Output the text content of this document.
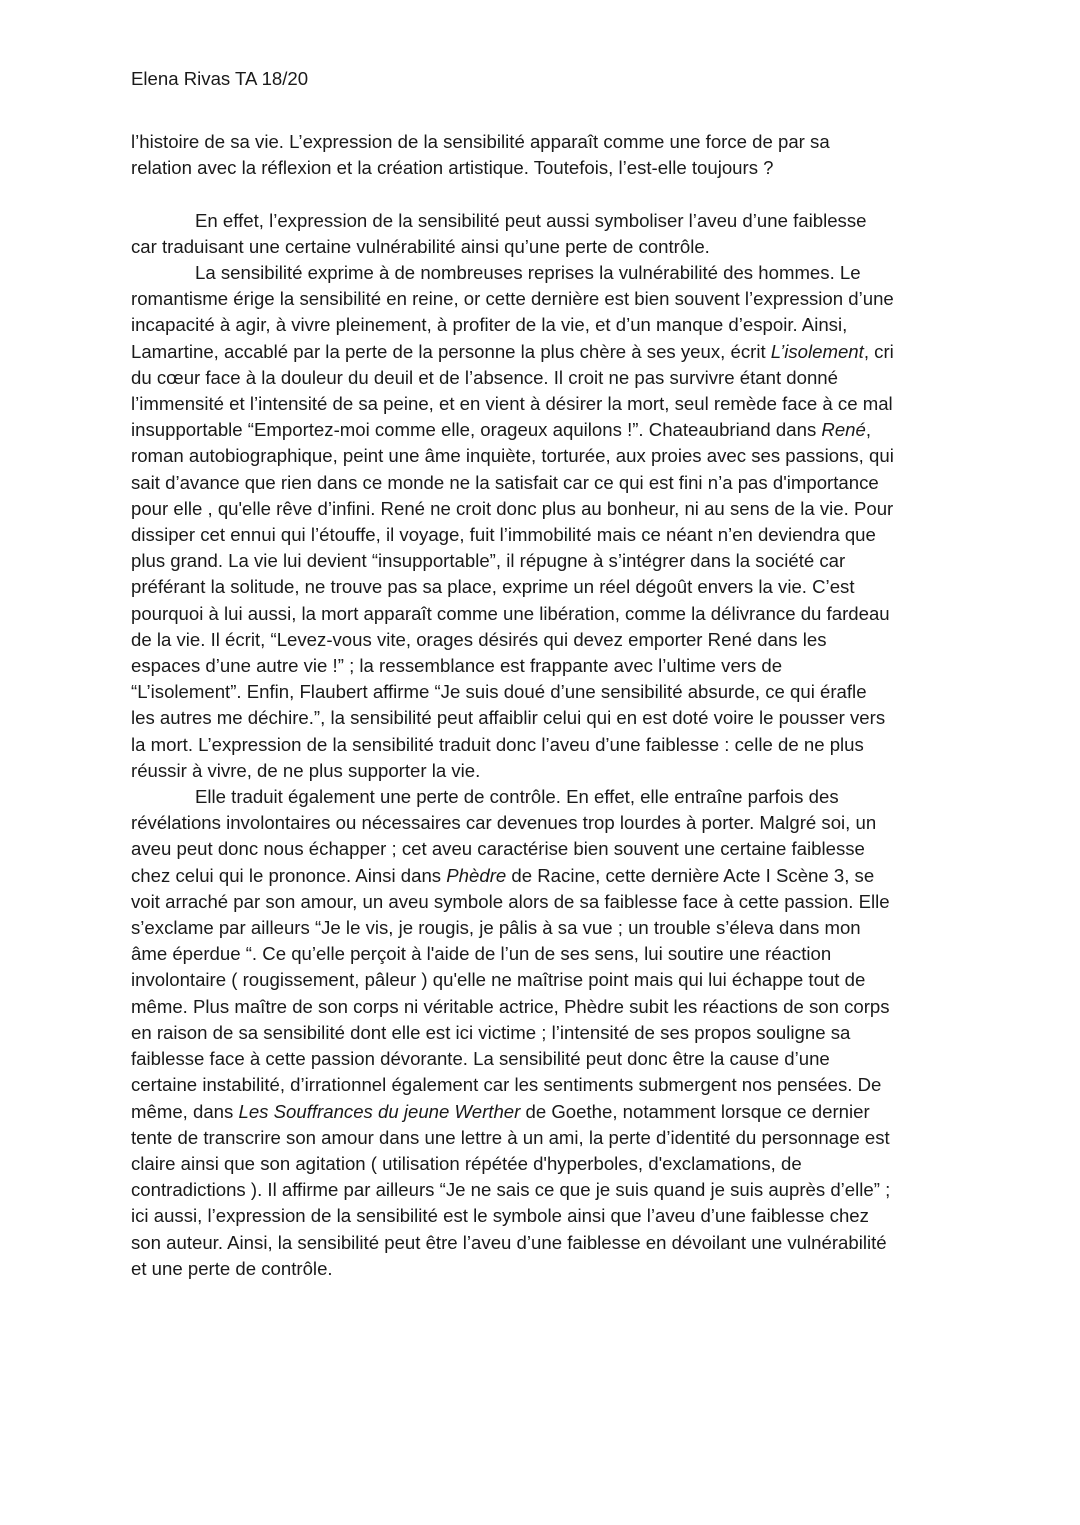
Elena Rivas TA 18/20
l’histoire de sa vie. L’expression de la sensibilité apparaît comme une force de par sa
relation avec la réflexion et la création artistique. Toutefois, l’est-elle toujours ?
En effet, l’expression de la sensibilité peut aussi symboliser l’aveu d’une faiblesse
car traduisant une certaine vulnérabilité ainsi qu’une perte de contrôle.
La sensibilité exprime à de nombreuses reprises la vulnérabilité des hommes. Le
romantisme érige la sensibilité en reine, or cette dernière est bien souvent l’expression d’une
incapacité à agir, à vivre pleinement, à profiter de la vie, et d’un manque d’espoir. Ainsi,
Lamartine, accablé par la perte de la personne la plus chère à ses yeux, écrit L’isolement, cri
du cœur face à la douleur du deuil et de l’absence. Il croit ne pas survivre étant donné
l’immensité et l’intensité de sa peine, et en vient à désirer la mort, seul remède face à ce mal
insupportable “Emportez-moi comme elle, orageux aquilons !”. Chateaubriand dans René,
roman autobiographique, peint une âme inquiète, torturée, aux proies avec ses passions, qui
sait d’avance que rien dans ce monde ne la satisfait car ce qui est fini n’a pas d'importance
pour elle , qu'elle rêve d’infini. René ne croit donc plus au bonheur, ni au sens de la vie. Pour
dissiper cet ennui qui l’étouffe, il voyage, fuit l’immobilité mais ce néant n’en deviendra que
plus grand. La vie lui devient “insupportable”, il répugne à s’intégrer dans la société car
préférant la solitude, ne trouve pas sa place, exprime un réel dégoût envers la vie. C’est
pourquoi à lui aussi, la mort apparaît comme une libération, comme la délivrance du fardeau
de la vie. Il écrit, “Levez-vous vite, orages désirés qui devez emporter René dans les
espaces d’une autre vie !” ; la ressemblance est frappante avec l’ultime vers de
“L’isolement”. Enfin, Flaubert affirme “Je suis doué d’une sensibilité absurde, ce qui érafle
les autres me déchire.”, la sensibilité peut affaiblir celui qui en est doté voire le pousser vers
la mort. L’expression de la sensibilité traduit donc l’aveu d’une faiblesse : celle de ne plus
réussir à vivre, de ne plus supporter la vie.
Elle traduit également une perte de contrôle. En effet, elle entraîne parfois des
révélations involontaires ou nécessaires car devenues trop lourdes à porter. Malgré soi, un
aveu peut donc nous échapper ; cet aveu caractérise bien souvent une certaine faiblesse
chez celui qui le prononce. Ainsi dans Phèdre de Racine, cette dernière Acte I Scène 3, se
voit arraché par son amour, un aveu symbole alors de sa faiblesse face à cette passion. Elle
s’exclame par ailleurs “Je le vis, je rougis, je pâlis à sa vue ; un trouble s’éleva dans mon
âme éperdue “. Ce qu’elle perçoit à l'aide de l’un de ses sens, lui soutire une réaction
involontaire ( rougissement, pâleur ) qu'elle ne maîtrise point mais qui lui échappe tout de
même. Plus maître de son corps ni véritable actrice, Phèdre subit les réactions de son corps
en raison de sa sensibilité dont elle est ici victime ; l’intensité de ses propos souligne sa
faiblesse face à cette passion dévorante. La sensibilité peut donc être la cause d’une
certaine instabilité, d’irrationnel également car les sentiments submergent nos pensées. De
même, dans Les Souffrances du jeune Werther de Goethe, notamment lorsque ce dernier
tente de transcrire son amour dans une lettre à un ami, la perte d’identité du personnage est
claire ainsi que son agitation ( utilisation répétée d'hyperboles, d'exclamations, de
contradictions ). Il affirme par ailleurs “Je ne sais ce que je suis quand je suis auprès d’elle” ;
ici aussi, l’expression de la sensibilité est le symbole ainsi que l’aveu d’une faiblesse chez
son auteur. Ainsi, la sensibilité peut être l’aveu d’une faiblesse en dévoilant une vulnérabilité
et une perte de contrôle.
